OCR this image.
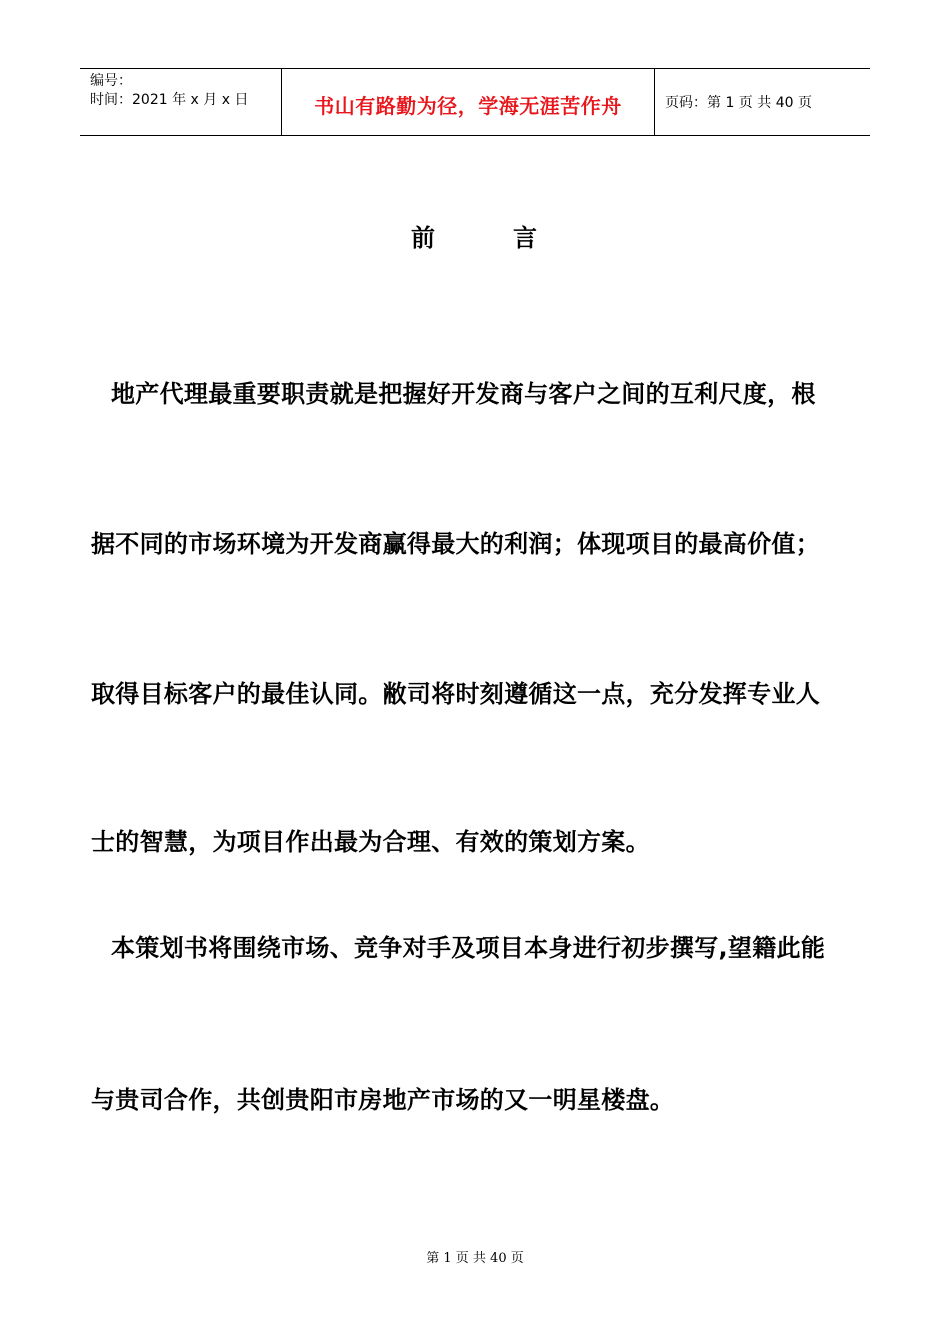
编号：
时间：2021 年 x 月 x 日	书山有路勤为径，学海无涯苦作舟	页码：第 1 页 共 40 页
前	言
地产代理最重要职责就是把握好开发商与客户之间的互利尺度，根
据不同的市场环境为开发商赢得最大的利润；体现项目的最高价值；
取得目标客户的最佳认同。敝司将时刻遵循这一点，充分发挥专业人
士的智慧，为项目作出最为合理、有效的策划方案。
本策划书将围绕市场、竞争对手及项目本身进行初步撰写,望籍此能
与贵司合作，共创贵阳市房地产市场的又一明星楼盘。
第 1 页 共 40 页
